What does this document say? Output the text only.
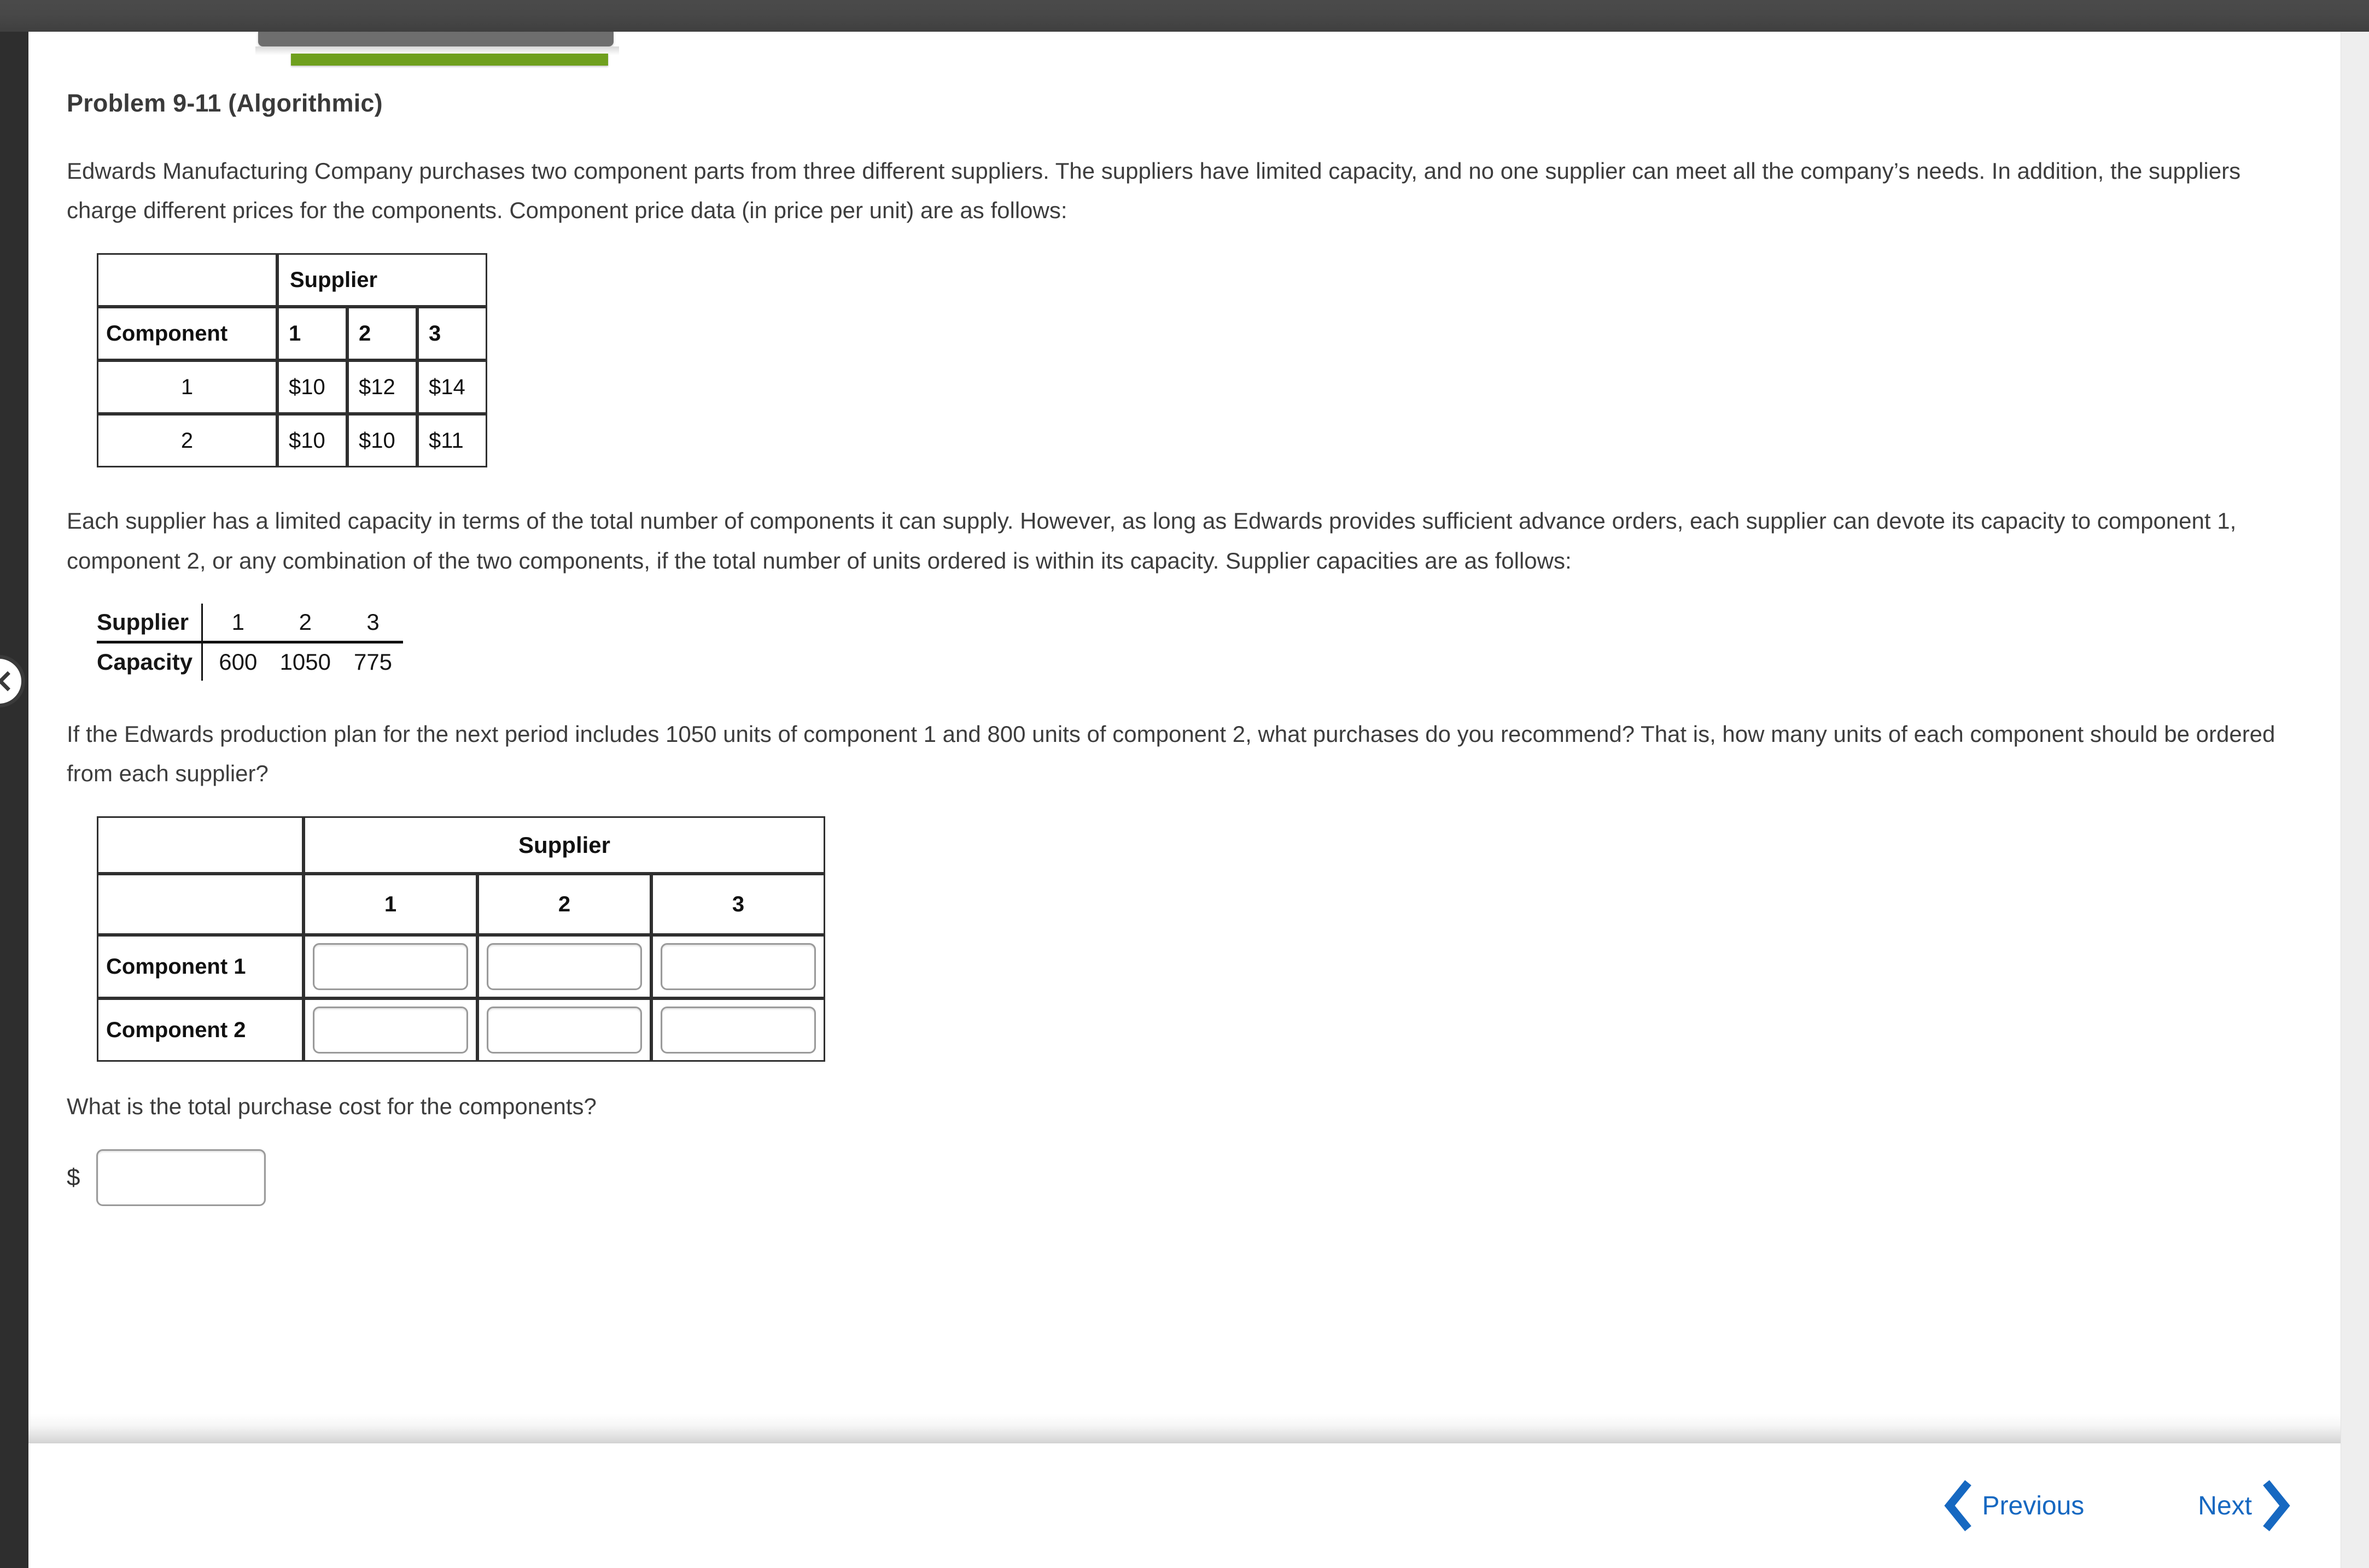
Problem 9-11 (Algorithmic)

Edwards Manufacturing Company purchases two component parts from three different suppliers. The suppliers have limited capacity, and no one supplier can meet all the company’s needs. In addition, the suppliers charge different prices for the components. Component price data (in price per unit) are as follows:

	Supplier		
Component	1	2	3
1	$10	$12	$14
2	$10	$10	$11

Each supplier has a limited capacity in terms of the total number of components it can supply. However, as long as Edwards provides sufficient advance orders, each supplier can devote its capacity to component 1, component 2, or any combination of the two components, if the total number of units ordered is within its capacity. Supplier capacities are as follows:

Supplier	1	2	3
Capacity	600	1050	775

If the Edwards production plan for the next period includes 1050 units of component 1 and 800 units of component 2, what purchases do you recommend? That is, how many units of each component should be ordered from each supplier?

	Supplier		
	1	2	3
Component 1	

Component 2	

What is the total purchase cost for the components?

$
Previous	Next
